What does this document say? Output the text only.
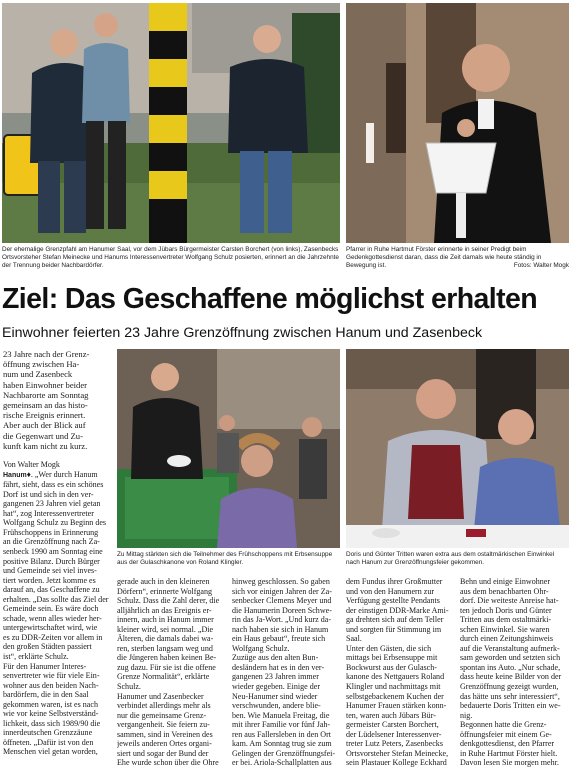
Der ehemalige Grenzpfahl am Hanumer Saal, vor dem Jübars Bürgermeister Carsten Borchert (von links), Zasenbecks Ortsvorsteher Stefan Meinecke und Hanums Interessenvertreter Wolfgang Schulz posierten, erinnert an die Jahrzehnte der Trennung beider Nachbardörfer.
Pfarrer in Ruhe Hartmut Förster erinnerte in seiner Predigt beim Gedenkgottesdienst daran, dass die Zeit damals wie heute ständig in Bewegung ist.	Fotos: Walter Mogk
Ziel: Das Geschaffene möglichst erhalten
Einwohner feierten 23 Jahre Grenzöffnung zwischen Hanum und Zasenbeck
23 Jahre nach der Grenz-
öffnung zwischen Ha-
num und Zasenbeck
haben Einwohner beider
Nachbarorte am Sonntag
gemeinsam an das histo-
rische Ereignis erinnert.
Aber auch der Blick auf
die Gegenwart und Zu-
kunft kam nicht zu kurz.
Von Walter Mogk
Hanum♦. „Wer durch Hanum
fährt, sieht, dass es ein schönes
Dorf ist und sich in den ver-
gangenen 23 Jahren viel getan
hat“, zog Interessenvertreter
Wolfgang Schulz zu Beginn des
Frühschoppens in Erinnerung
an die Grenzöffnung nach Za-
senbeck 1990 am Sonntag eine
positive Bilanz. Durch Bürger
und Gemeinde sei viel inves-
tiert worden. Jetzt komme es
darauf an, das Geschaffene zu
erhalten. „Das sollte das Ziel der
Gemeinde sein. Es wäre doch
schade, wenn alles wieder her-
untergewirtschaftet wird, wie
es zu DDR-Zeiten vor allem in
den großen Städten passiert
ist“, erklärte Schulz.
Für den Hanumer Interes-
senvertreter wie für viele Ein-
wohner aus den beiden Nach-
bardörfern, die in den Saal
gekommen waren, ist es nach
wie vor keine Selbstverständ-
lichkeit, dass sich 1989/90 die
innerdeutschen Grenzzäune
öffneten. „Dafür ist von den
Menschen viel getan worden,
Zu Mittag stärkten sich die Teilnehmer des Frühschoppens mit Erbsensuppe aus der Gulaschkanone von Roland Klingler.
Doris und Günter Tritten waren extra aus dem ostaltmärkischen Einwinkel nach Hanum zur Grenzöffnungsfeier gekommen.
gerade auch in den kleineren
Dörfern“, erinnerte Wolfgang
Schulz. Dass die Zahl derer, die
alljährlich an das Ereignis er-
innern, auch in Hanum immer
kleiner wird, sei normal. „Die
Älteren, die damals dabei wa-
ren, sterben langsam weg und
die Jüngeren haben keinen Be-
zug dazu. Für sie ist die offene
Grenze Normalität“, erklärte
Schulz.
Hanumer und Zasenbecker
verbindet allerdings mehr als
nur die gemeinsame Grenz-
vergangenheit. Sie feiern zu-
sammen, sind in Vereinen des
jeweils anderen Ortes organi-
siert und sogar der Bund der
Ehe wurde schon über die Ohre
hinweg geschlossen. So gaben
sich vor einigen Jahren der Za-
senbecker Clemens Meyer und
die Hanumerin Doreen Schwe-
rin das Ja-Wort. „Und kurz da-
nach haben sie sich in Hanum
ein Haus gebaut“, freute sich
Wolfgang Schulz.
Zuzüge aus den alten Bun-
desländern hat es in den ver-
gangenen 23 Jahren immer
wieder gegeben. Einige der
Neu-Hanumer sind wieder
verschwunden, andere blie-
ben. Wie Manuela Freitag, die
mit ihrer Familie vor fünf Jah-
ren aus Fallersleben in den Ort
kam. Am Sonntag trug sie zum
Gelingen der Grenzöffnungsfei-
er bei. Ariola-Schallplatten aus
dem Fundus ihrer Großmutter
und von den Hanumern zur
Verfügung gestellte Pendants
der einstigen DDR-Marke Ami-
ga drehten sich auf dem Teller
und sorgten für Stimmung im
Saal.
Unter den Gästen, die sich
mittags bei Erbsensuppe mit
Bockwurst aus der Gulasch-
kanone des Nettgauers Roland
Klingler und nachmittags mit
selbstgebackenem Kuchen der
Hanumer Frauen stärken konn-
ten, waren auch Jübars Bür-
germeister Carsten Borchert,
der Lüdelsener Interessenver-
treter Lutz Peters, Zasenbecks
Ortsvorsteher Stefan Meinecke,
sein Plastauer Kollege Eckhard
Behn und einige Einwohner
aus dem benachbarten Ohr-
dorf. Die weiteste Anreise hat-
ten jedoch Doris und Günter
Tritten aus dem ostaltmärki-
schen Einwinkel. Sie waren
durch einen Zeitungshinweis
auf die Veranstaltung aufmerk-
sam geworden und setzten sich
spontan ins Auto. „Nur schade,
dass heute keine Bilder von der
Grenzöffnung gezeigt wurden,
das hätte uns sehr interessiert“,
bedauerte Doris Tritten ein we-
nig.
Begonnen hatte die Grenz-
öffnungsfeier mit einem Ge-
denkgottesdienst, den Pfarrer
in Ruhe Hartmut Förster hielt.
Davon lesen Sie morgen mehr.
